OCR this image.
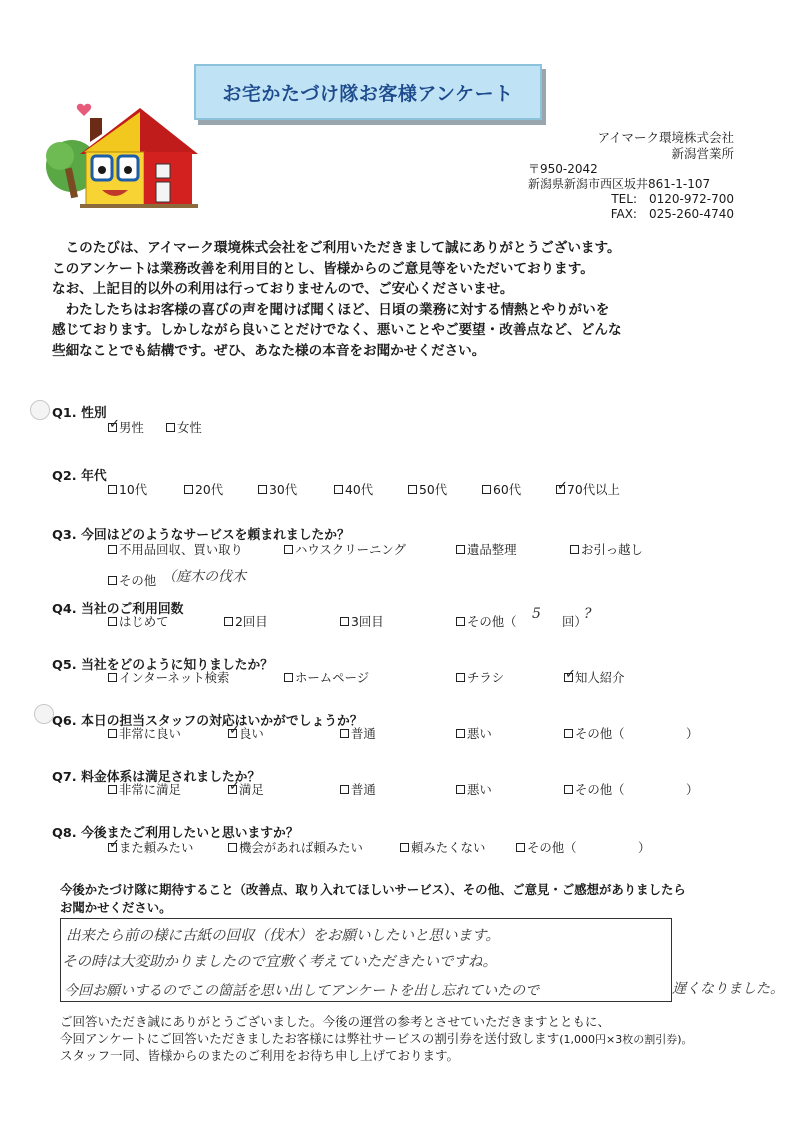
お宅かたづけ隊お客様アンケート
アイマーク環境株式会社
新潟営業所
〒950-2042
新潟県新潟市西区坂井861-1-107
TEL:　0120-972-700
FAX:　025-260-4740
　このたびは、アイマーク環境株式会社をご利用いただきまして誠にありがとうございます。
このアンケートは業務改善を利用目的とし、皆様からのご意見等をいただいております。
なお、上記目的以外の利用は行っておりませんので、ご安心くださいませ。
　わたしたちはお客様の喜びの声を聞けば聞くほど、日頃の業務に対する情熱とやりがいを
感じております。しかしながら良いことだけでなく、悪いことやご要望・改善点など、どんな
些細なことでも結構です。ぜひ、あなた様の本音をお聞かせください。
Q1. 性別
✓
男性	女性
Q2. 年代
10代	20代	30代	40代	50代	60代 ✓	70代以上
Q3. 今回はどのようなサービスを頼まれましたか？
不用品回収、買い取り	ハウスクリーニング	遺品整理	お引っ越し
その他 （庭木の伐木
Q4. 当社のご利用回数
はじめて	2回目	3回目	その他（ 5 回）
?
Q5. 当社をどのように知りましたか？
インターネット検索	ホームページ	チラシ ✓	知人紹介
Q6. 本日の担当スタッフの対応はいかがでしょうか？
非常に良い ✓	良い	普通	悪い	その他（	）
Q7. 料金体系は満足されましたか？
非常に満足 ✓	満足	普通	悪い	その他（	）
Q8. 今後またご利用したいと思いますか？
✓
また頼みたい	機会があれば頼みたい	頼みたくない	その他（	）
今後かたづけ隊に期待すること（改善点、取り入れてほしいサービス）、その他、ご意見・ご感想がありましたら
お聞かせください。
出来たら前の様に古紙の回収（伐木）をお願いしたいと思います。
その時は大変助かりましたので宜敷く考えていただきたいですね。
今回お願いするのでこの箇話を思い出してアンケートを出し忘れていたので	遅くなりました。
ご回答いただき誠にありがとうございました。今後の運営の参考とさせていただきますとともに、
今回アンケートにご回答いただきましたお客様には弊社サービスの割引券を送付致します(1,000円×3枚の割引券)。
スタッフ一同、皆様からのまたのご利用をお待ち申し上げております。
